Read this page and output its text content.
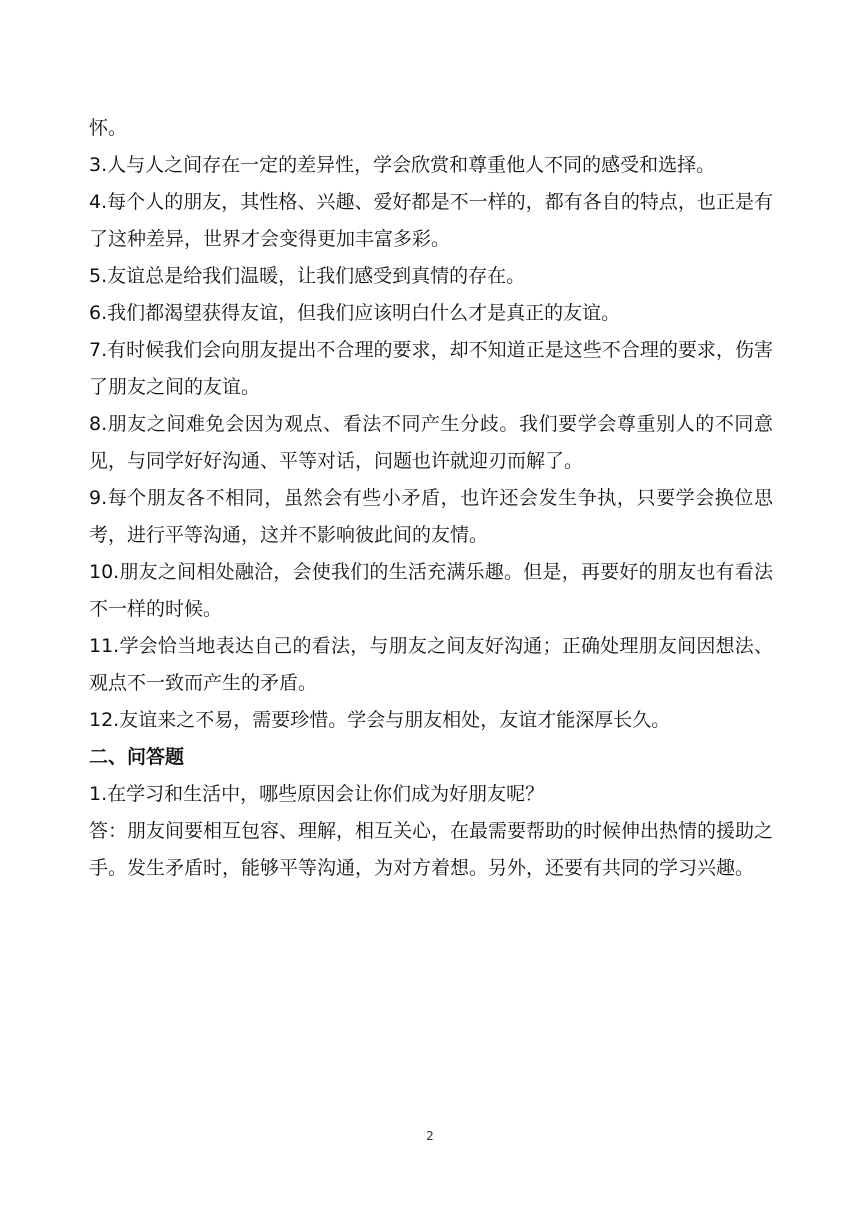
怀。

3.人与人之间存在一定的差异性，学会欣赏和尊重他人不同的感受和选择。

4.每个人的朋友，其性格、兴趣、爱好都是不一样的，都有各自的特点，也正是有了这种差异，世界才会变得更加丰富多彩。

5.友谊总是给我们温暖，让我们感受到真情的存在。

6.我们都渴望获得友谊，但我们应该明白什么才是真正的友谊。

7.有时候我们会向朋友提出不合理的要求，却不知道正是这些不合理的要求，伤害了朋友之间的友谊。

8.朋友之间难免会因为观点、看法不同产生分歧。我们要学会尊重别人的不同意见，与同学好好沟通、平等对话，问题也许就迎刃而解了。

9.每个朋友各不相同，虽然会有些小矛盾，也许还会发生争执，只要学会换位思考，进行平等沟通，这并不影响彼此间的友情。

10.朋友之间相处融洽，会使我们的生活充满乐趣。但是，再要好的朋友也有看法不一样的时候。

11.学会恰当地表达自己的看法，与朋友之间友好沟通；正确处理朋友间因想法、观点不一致而产生的矛盾。

12.友谊来之不易，需要珍惜。学会与朋友相处，友谊才能深厚长久。

二、问答题

1.在学习和生活中，哪些原因会让你们成为好朋友呢？

答：朋友间要相互包容、理解，相互关心，在最需要帮助的时候伸出热情的援助之手。发生矛盾时，能够平等沟通，为对方着想。另外，还要有共同的学习兴趣。

2
